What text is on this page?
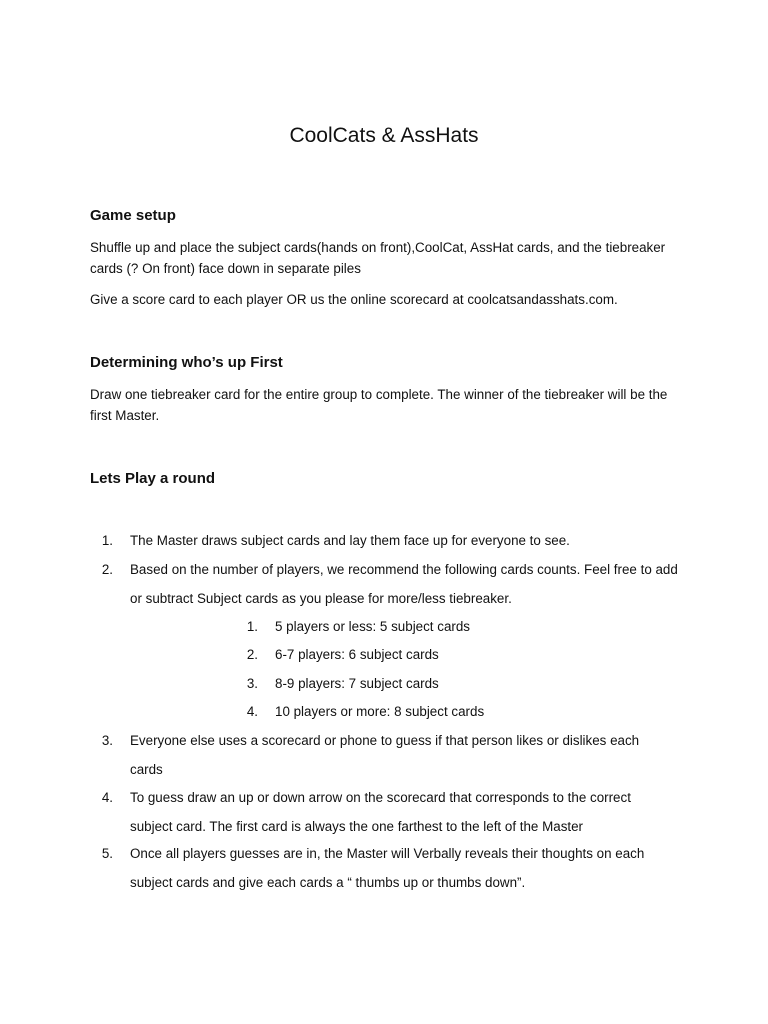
CoolCats & AssHats
Game setup

Shuffle up and place the subject cards(hands on front),CoolCat, AssHat cards, and the tiebreaker cards (? On front) face down in separate piles

Give a score card to each player OR us the online scorecard at coolcatsandasshats.com.

Determining who’s up First

Draw one tiebreaker card for the entire group to complete. The winner of the tiebreaker will be the first Master.

Lets Play a round
1. The Master draws subject cards and lay them face up for everyone to see.
2. Based on the number of players, we recommend the following cards counts. Feel free to add or subtract Subject cards as you please for more/less tiebreaker.
3. Everyone else uses a scorecard or phone to guess if that person likes or dislikes each cards
4. To guess draw an up or down arrow on the scorecard that corresponds to the correct subject card. The first card is always the one farthest to the left of the Master
5. Once all players guesses are in, the Master will Verbally reveals their thoughts on each subject cards and give each cards a “ thumbs up or thumbs down”.
1. 5 players or less: 5 subject cards
2. 6-7 players: 6 subject cards
3. 8-9 players: 7 subject cards
4. 10 players or more: 8 subject cards
